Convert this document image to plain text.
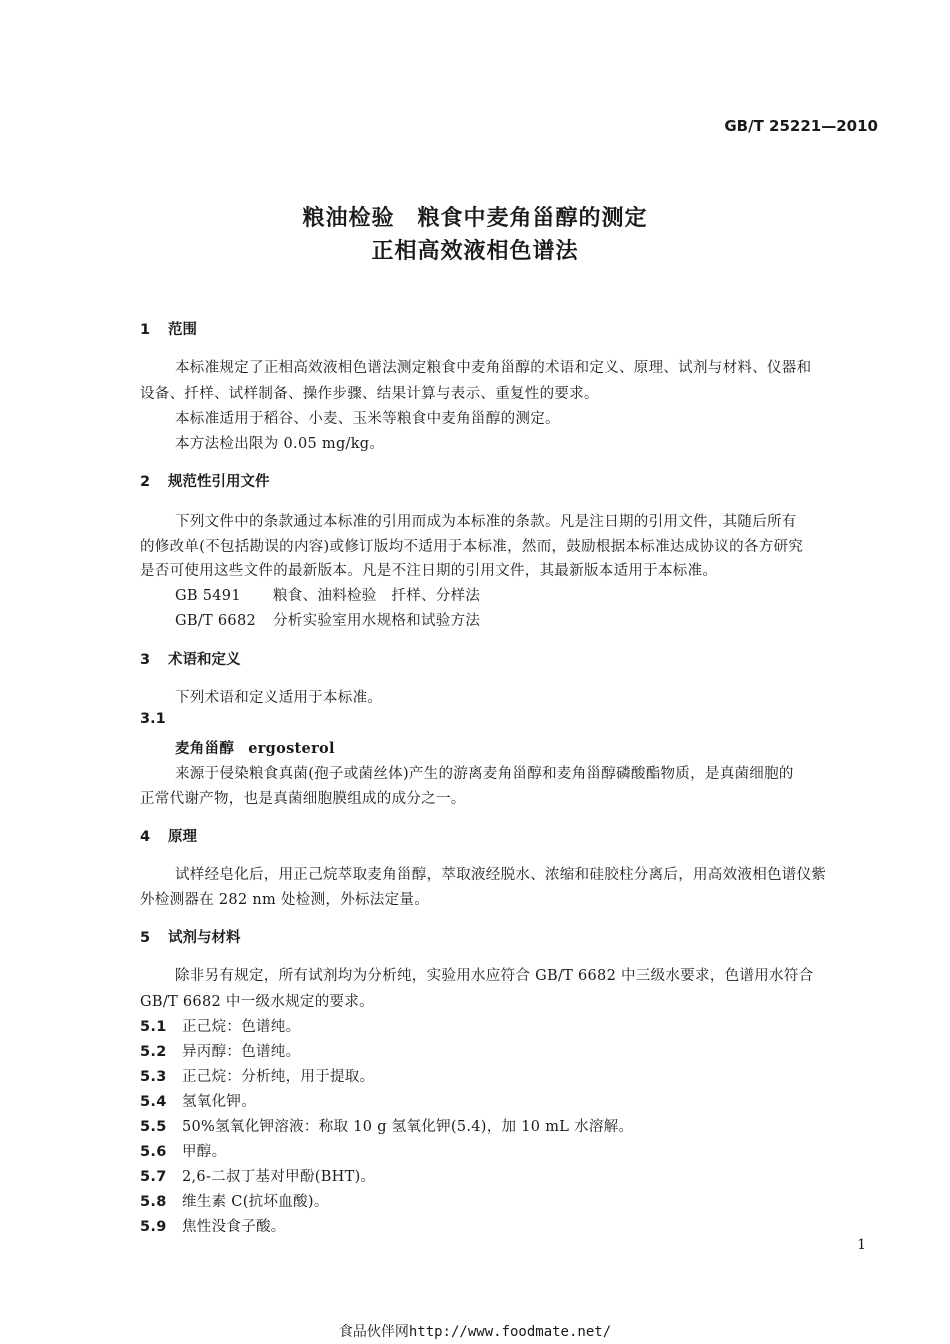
GB/T 25221—2010
粮油检验　粮食中麦角甾醇的测定
正相高效液相色谱法
1 范围
本标准规定了正相高效液相色谱法测定粮食中麦角甾醇的术语和定义、原理、试剂与材料、仪器和
设备、扦样、试样制备、操作步骤、结果计算与表示、重复性的要求。
本标准适用于稻谷、小麦、玉米等粮食中麦角甾醇的测定。
本方法检出限为 0.05 mg/kg。
2 规范性引用文件
下列文件中的条款通过本标准的引用而成为本标准的条款。凡是注日期的引用文件，其随后所有
的修改单(不包括勘误的内容)或修订版均不适用于本标准，然而，鼓励根据本标准达成协议的各方研究
是否可使用这些文件的最新版本。凡是不注日期的引用文件，其最新版本适用于本标准。
GB 5491 粮食、油料检验　扦样、分样法
GB/T 6682 分析实验室用水规格和试验方法
3 术语和定义
下列术语和定义适用于本标准。
3.1
麦角甾醇 ergosterol
来源于侵染粮食真菌(孢子或菌丝体)产生的游离麦角甾醇和麦角甾醇磷酸酯物质，是真菌细胞的
正常代谢产物，也是真菌细胞膜组成的成分之一。
4 原理
试样经皂化后，用正己烷萃取麦角甾醇，萃取液经脱水、浓缩和硅胶柱分离后，用高效液相色谱仪紫
外检测器在 282 nm 处检测，外标法定量。
5 试剂与材料
除非另有规定，所有试剂均为分析纯，实验用水应符合 GB/T 6682 中三级水要求，色谱用水符合
GB/T 6682 中一级水规定的要求。
5.1 正己烷：色谱纯。
5.2 异丙醇：色谱纯。
5.3 正己烷：分析纯，用于提取。
5.4 氢氧化钾。
5.5 50%氢氧化钾溶液：称取 10 g 氢氧化钾(5.4)，加 10 mL 水溶解。
5.6 甲醇。
5.7 2,6-二叔丁基对甲酚(BHT)。
5.8 维生素 C(抗坏血酸)。
5.9 焦性没食子酸。
1
食品伙伴网http://www.foodmate.net/
